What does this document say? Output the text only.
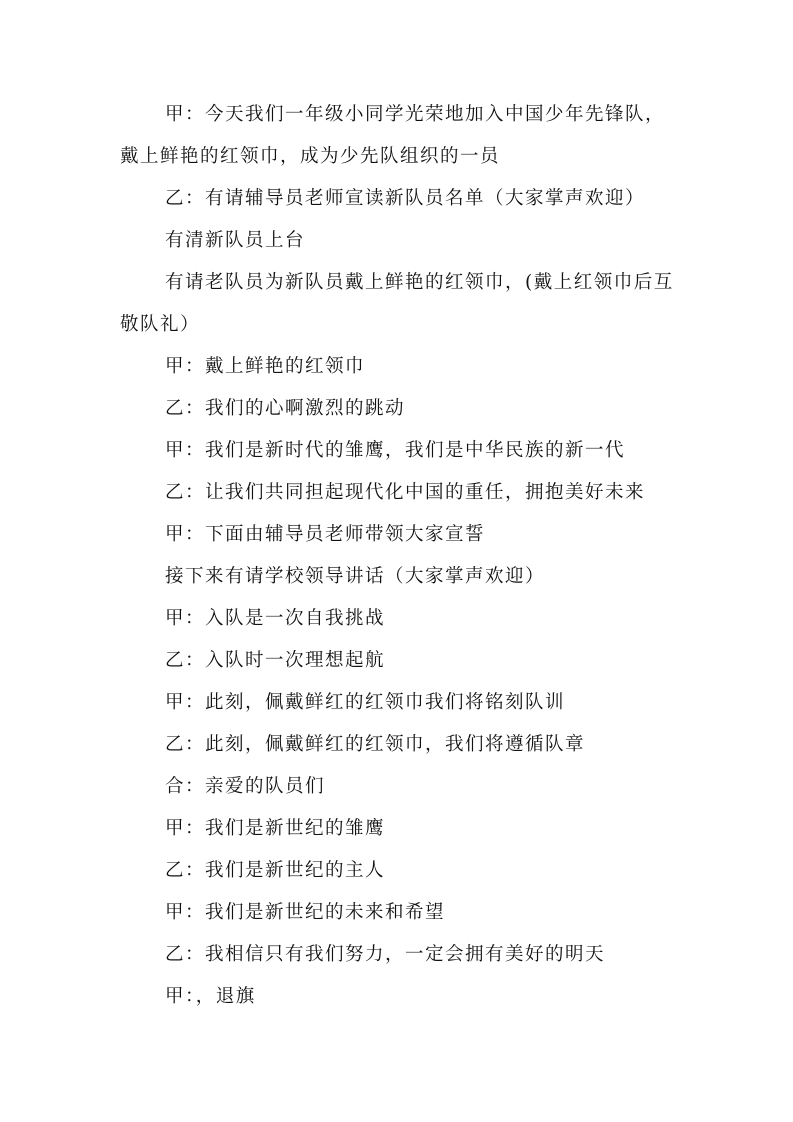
甲：今天我们一年级小同学光荣地加入中国少年先锋队，戴上鲜艳的红领巾，成为少先队组织的一员

乙：有请辅导员老师宣读新队员名单（大家掌声欢迎）

有清新队员上台

有请老队员为新队员戴上鲜艳的红领巾，(戴上红领巾后互敬队礼）

甲：戴上鲜艳的红领巾

乙：我们的心啊激烈的跳动

甲：我们是新时代的雏鹰，我们是中华民族的新一代

乙：让我们共同担起现代化中国的重任，拥抱美好未来

甲：下面由辅导员老师带领大家宣誓

接下来有请学校领导讲话（大家掌声欢迎）

甲：入队是一次自我挑战

乙：入队时一次理想起航

甲：此刻，佩戴鲜红的红领巾我们将铭刻队训

乙：此刻，佩戴鲜红的红领巾，我们将遵循队章

合：亲爱的队员们

甲：我们是新世纪的雏鹰

乙：我们是新世纪的主人

甲：我们是新世纪的未来和希望

乙：我相信只有我们努力，一定会拥有美好的明天

甲：，退旗
